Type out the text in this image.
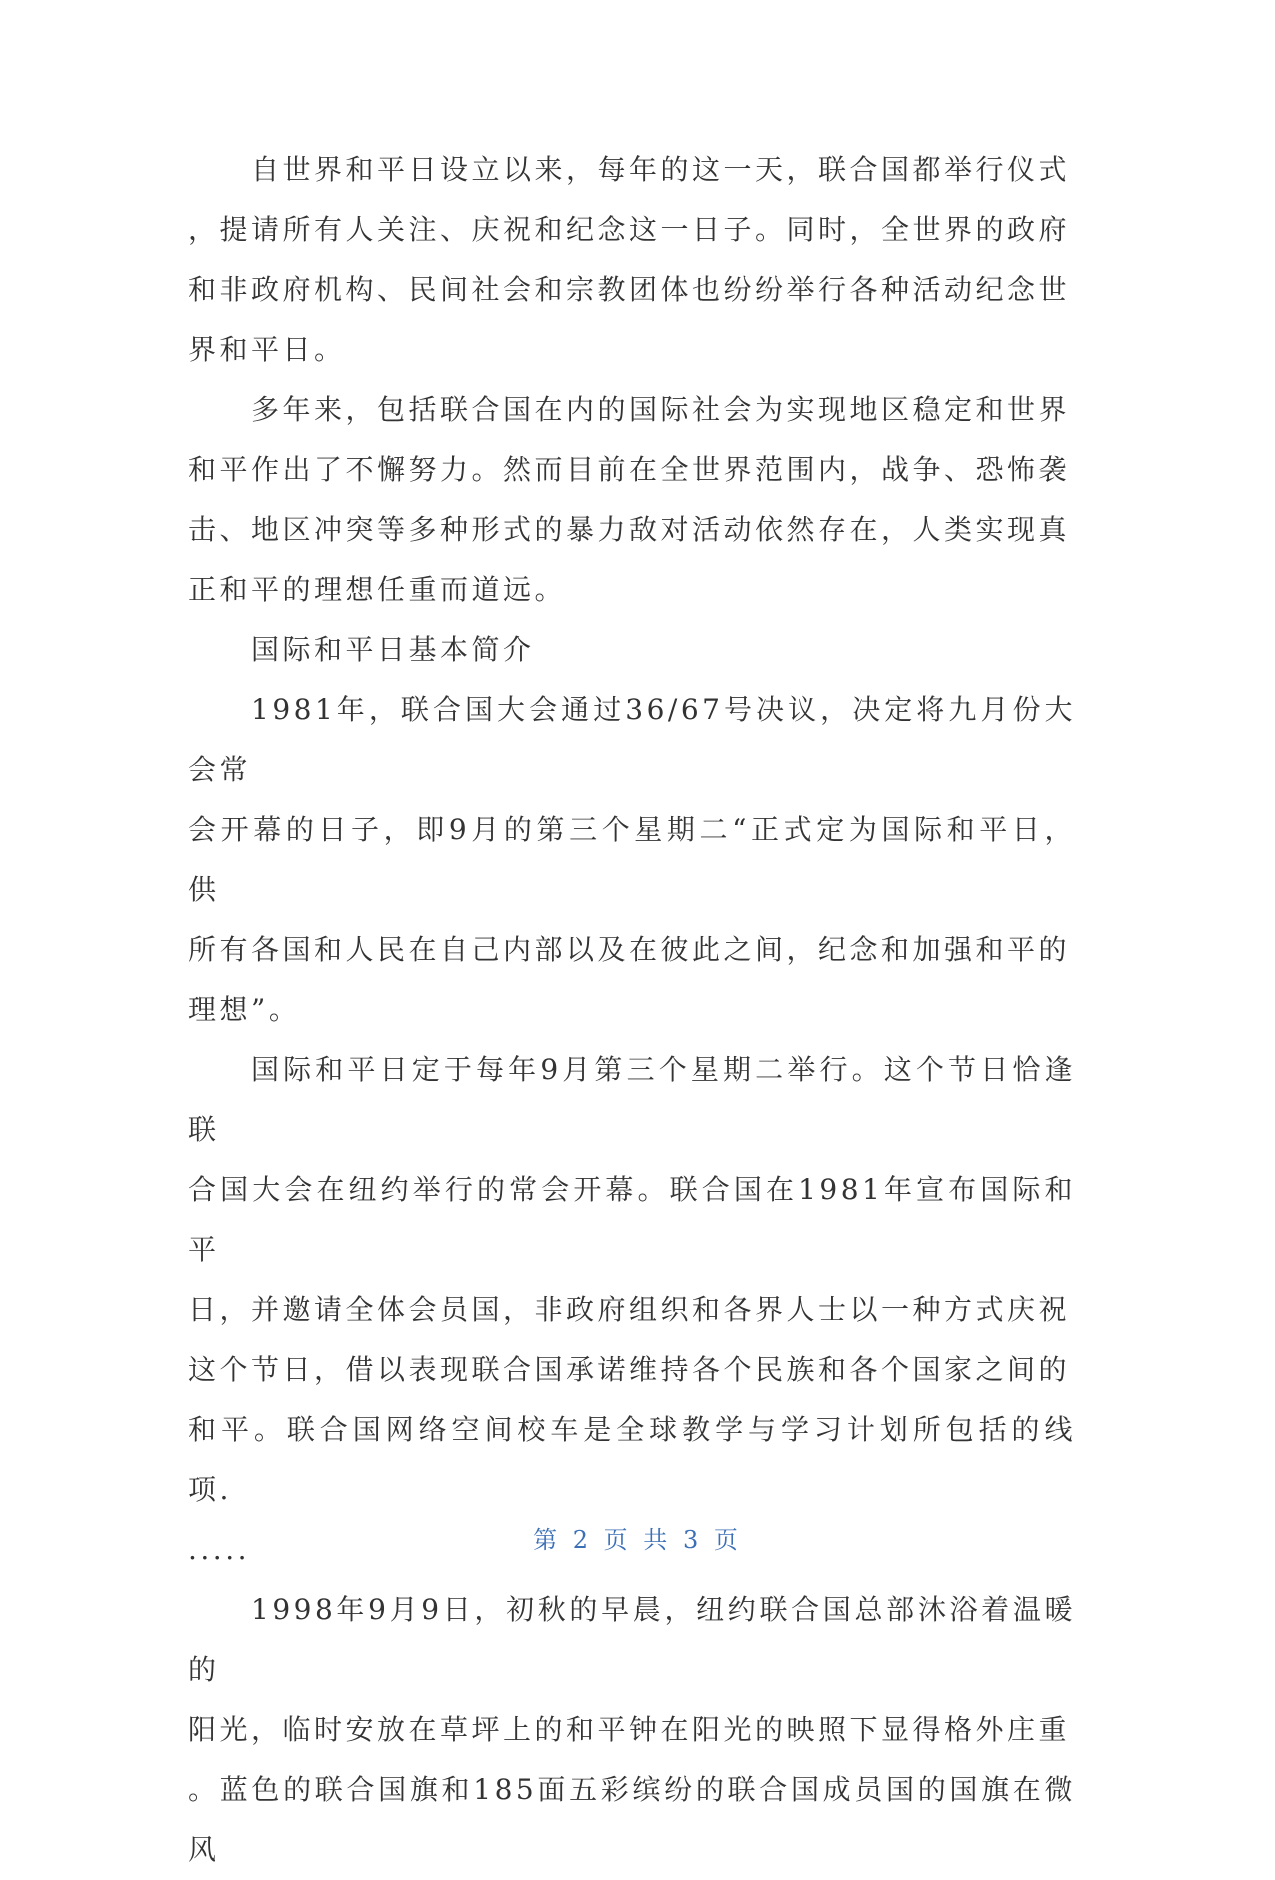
自世界和平日设立以来，每年的这一天，联合国都举行仪式
，提请所有人关注、庆祝和纪念这一日子。同时，全世界的政府
和非政府机构、民间社会和宗教团体也纷纷举行各种活动纪念世
界和平日。

多年来，包括联合国在内的国际社会为实现地区稳定和世界
和平作出了不懈努力。然而目前在全世界范围内，战争、恐怖袭
击、地区冲突等多种形式的暴力敌对活动依然存在，人类实现真
正和平的理想任重而道远。

国际和平日基本简介

1981年，联合国大会通过36/67号决议，决定将九月份大会常
会开幕的日子，即9月的第三个星期二“正式定为国际和平日，供
所有各国和人民在自己内部以及在彼此之间，纪念和加强和平的
理想”。

国际和平日定于每年9月第三个星期二举行。这个节日恰逢联
合国大会在纽约举行的常会开幕。联合国在1981年宣布国际和平
日，并邀请全体会员国，非政府组织和各界人士以一种方式庆祝
这个节日，借以表现联合国承诺维持各个民族和各个国家之间的
和平。联合国网络空间校车是全球教学与学习计划所包括的线项.
.....

1998年9月9日，初秋的早晨，纽约联合国总部沐浴着温暖的
阳光，临时安放在草坪上的和平钟在阳光的映照下显得格外庄重
。蓝色的联合国旗和185面五彩缤纷的联合国成员国的国旗在微风

第 2 页 共 3 页
